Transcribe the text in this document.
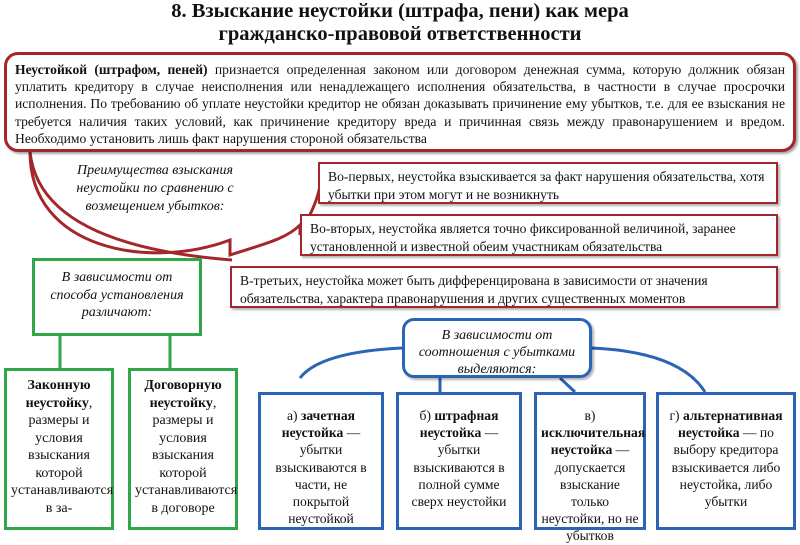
8. Взыскание неустойки (штрафа, пени) как мера
гражданско-правовой ответственности
Неустойкой (штрафом, пеней) признается определенная законом или договором денежная сумма, которую должник обязан уплатить кредитору в случае неисполнения или ненадлежащего исполнения обязательства, в частности в случае просрочки исполнения. По требованию об уплате неустойки кредитор не обязан доказывать причинение ему убытков, т.е. для ее взыскания не требуется наличия таких условий, как причинение кредитору вреда и причинная связь между правонарушением и вредом. Необходимо установить лишь факт нарушения стороной обязательства
Преимущества взыскания неустойки по сравнению с возмещением убытков:
Во-первых, неустойка взыскивается за факт нарушения обязательства, хотя убытки при этом могут и не возникнуть
Во-вторых, неустойка является точно фиксированной величиной, заранее установленной и известной обеим участникам обязательства
В-третьих, неустойка может быть дифференцирована в зависимости от значения обязательства, характера правонарушения и других существенных моментов
В зависимости от способа установления различают:
Законную неустойку, размеры и условия взыскания которой устанавливаются в за-
Договорную неустойку, размеры и условия взыскания которой устанавливаются в договоре
В зависимости от соотношения с убытками выделяются:
а) зачетная неустойка — убытки взыскиваются в части, не покрытой неустойкой
б) штрафная неустойка — убытки взыскиваются в полной сумме сверх неустойки
в) исключительная неустойка — допускается взыскание только неустойки, но не убытков
г) альтернативная неустойка — по выбору кредитора взыскивается либо неустойка, либо убытки
